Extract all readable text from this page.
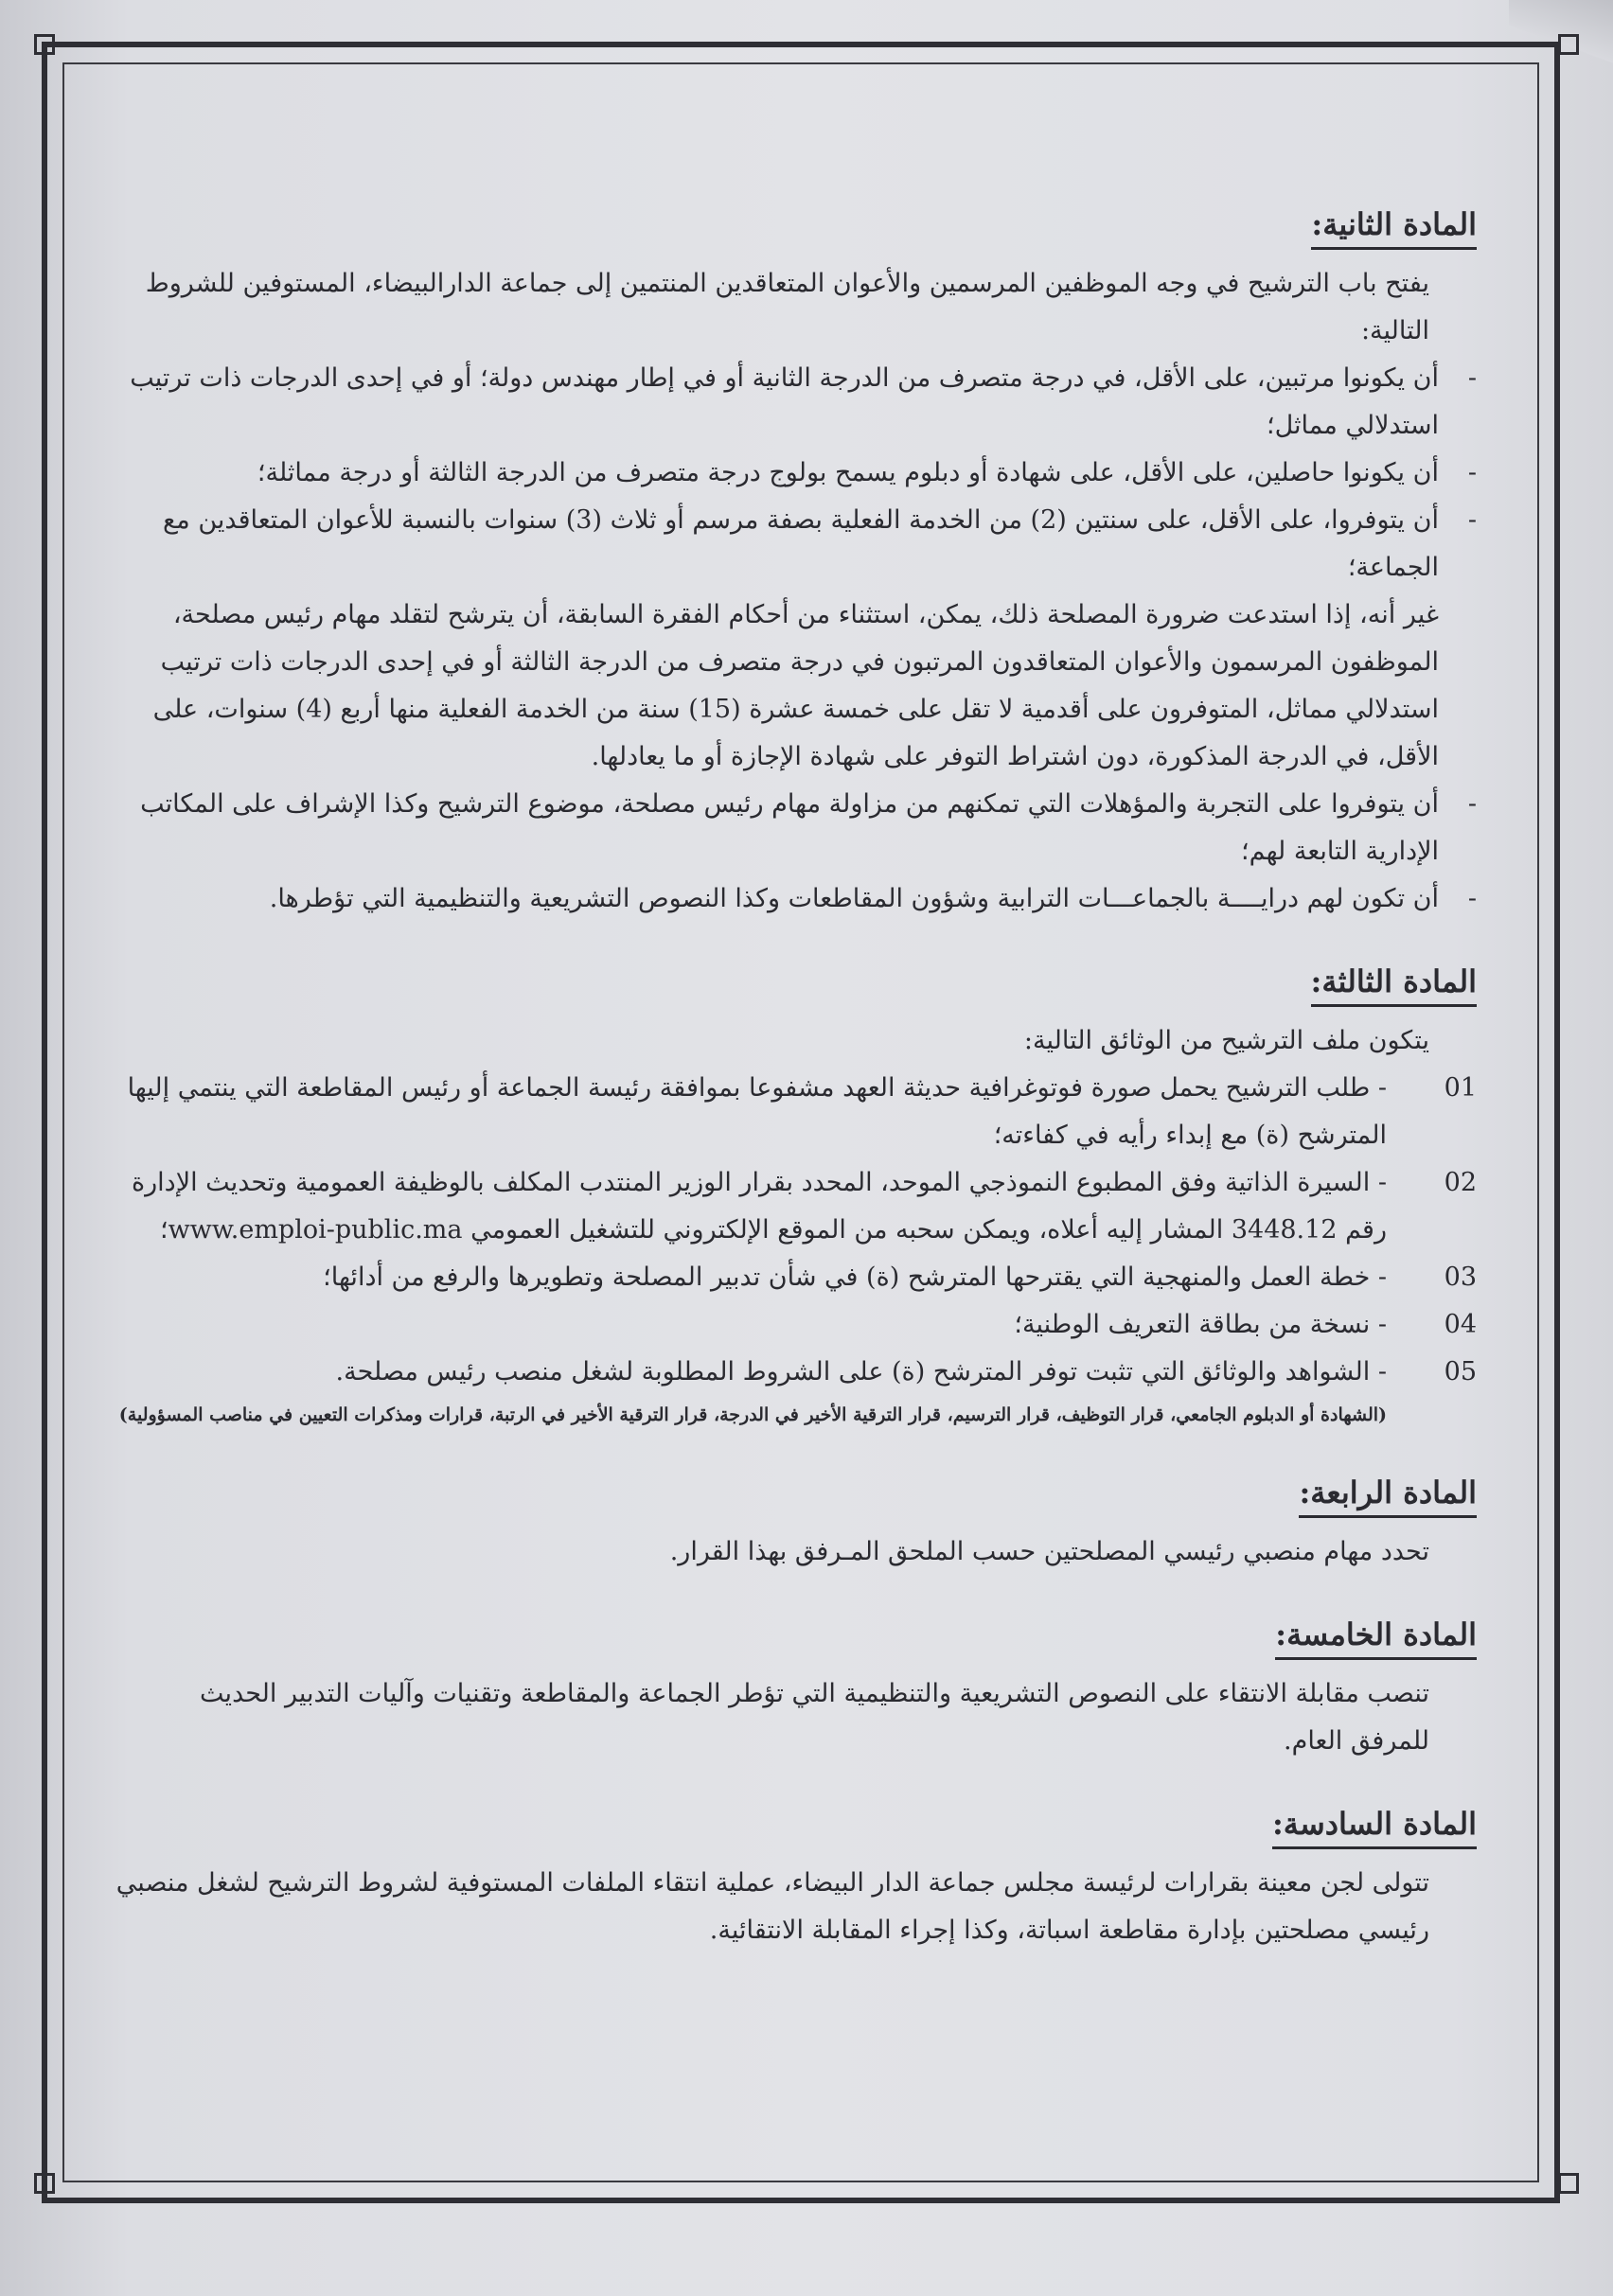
المادة الثانية:
يفتح باب الترشيح في وجه الموظفين المرسمين والأعوان المتعاقدين المنتمين إلى جماعة الدارالبيضاء، المستوفين للشروط التالية:
-
أن يكونوا مرتبين، على الأقل، في درجة متصرف من الدرجة الثانية أو في إطار مهندس دولة؛ أو في إحدى الدرجات ذات ترتيب استدلالي مماثل؛
-
أن يكونوا حاصلين، على الأقل، على شهادة أو دبلوم يسمح بولوج درجة متصرف من الدرجة الثالثة أو درجة مماثلة؛
-
أن يتوفروا، على الأقل، على سنتين (2) من الخدمة الفعلية بصفة مرسم أو ثلاث (3) سنوات بالنسبة للأعوان المتعاقدين مع الجماعة؛
غير أنه، إذا استدعت ضرورة المصلحة ذلك، يمكن، استثناء من أحكام الفقرة السابقة، أن يترشح لتقلد مهام رئيس مصلحة، الموظفون المرسمون والأعوان المتعاقدون المرتبون في درجة متصرف من الدرجة الثالثة أو في إحدى الدرجات ذات ترتيب استدلالي مماثل، المتوفرون على أقدمية لا تقل على خمسة عشرة (15) سنة من الخدمة الفعلية منها أربع (4) سنوات، على الأقل، في الدرجة المذكورة، دون اشتراط التوفر على شهادة الإجازة أو ما يعادلها.
-
أن يتوفروا على التجربة والمؤهلات التي تمكنهم من مزاولة مهام رئيس مصلحة، موضوع الترشيح وكذا الإشراف على المكاتب الإدارية التابعة لهم؛
-
أن تكون لهم درايــــة بالجماعـــات الترابية وشؤون المقاطعات وكذا النصوص التشريعية والتنظيمية التي تؤطرها.
المادة الثالثة:
يتكون ملف الترشيح من الوثائق التالية:
01
- طلب الترشيح يحمل صورة فوتوغرافية حديثة العهد مشفوعا بموافقة رئيسة الجماعة أو رئيس المقاطعة التي ينتمي إليها المترشح (ة) مع إبداء رأيه في كفاءته؛
02
- السيرة الذاتية وفق المطبوع النموذجي الموحد، المحدد بقرار الوزير المنتدب المكلف بالوظيفة العمومية وتحديث الإدارة رقم 3448.12 المشار إليه أعلاه، ويمكن سحبه من الموقع الإلكتروني للتشغيل العمومي www.emploi-public.ma؛
03
- خطة العمل والمنهجية التي يقترحها المترشح (ة) في شأن تدبير المصلحة وتطويرها والرفع من أدائها؛
04
- نسخة من بطاقة التعريف الوطنية؛
05
- الشواهد والوثائق التي تثبت توفر المترشح (ة) على الشروط المطلوبة لشغل منصب رئيس مصلحة.
(الشهادة أو الدبلوم الجامعي، قرار التوظيف، قرار الترسيم، قرار الترقية الأخير في الدرجة، قرار الترقية الأخير في الرتبة، قرارات ومذكرات التعيين في مناصب المسؤولية)
المادة الرابعة:
تحدد مهام منصبي رئيسي المصلحتين حسب الملحق المـرفق بهذا القرار.
المادة الخامسة:
تنصب مقابلة الانتقاء على النصوص التشريعية والتنظيمية التي تؤطر الجماعة والمقاطعة وتقنيات وآليات التدبير الحديث للمرفق العام.
المادة السادسة:
تتولى لجن معينة بقرارات لرئيسة مجلس جماعة الدار البيضاء، عملية انتقاء الملفات المستوفية لشروط الترشيح لشغل منصبي رئيسي مصلحتين بإدارة مقاطعة اسباتة، وكذا إجراء المقابلة الانتقائية.
